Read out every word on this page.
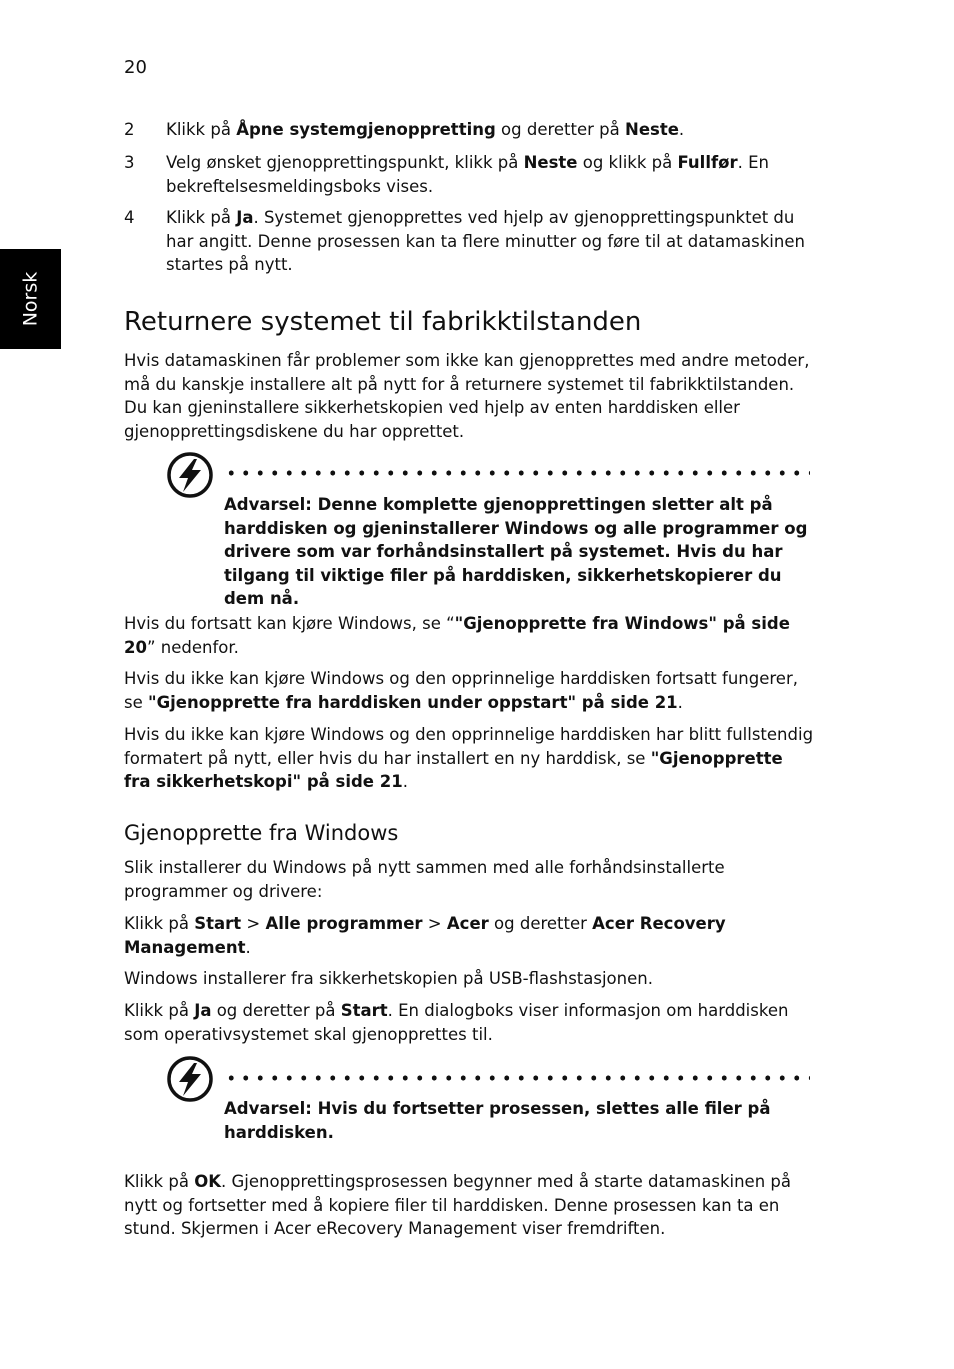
20
Norsk
2 Klikk på Åpne systemgjenoppretting og deretter på Neste.
3 Velg ønsket gjenopprettingspunkt, klikk på Neste og klikk på Fullfør. En bekreftelsesmeldingsboks vises.
4 Klikk på Ja. Systemet gjenopprettes ved hjelp av gjenopprettingspunktet du har angitt. Denne prosessen kan ta flere minutter og føre til at datamaskinen startes på nytt.
Returnere systemet til fabrikktilstanden
Hvis datamaskinen får problemer som ikke kan gjenopprettes med andre metoder, må du kanskje installere alt på nytt for å returnere systemet til fabrikktilstanden. Du kan gjeninstallere sikkerhetskopien ved hjelp av enten harddisken eller gjenopprettingsdiskene du har opprettet.
Advarsel: Denne komplette gjenopprettingen sletter alt på harddisken og gjeninstallerer Windows og alle programmer og drivere som var forhåndsinstallert på systemet. Hvis du har tilgang til viktige filer på harddisken, sikkerhetskopierer du dem nå.
Hvis du fortsatt kan kjøre Windows, se “"Gjenopprette fra Windows" på side 20” nedenfor.
Hvis du ikke kan kjøre Windows og den opprinnelige harddisken fortsatt fungerer, se "Gjenopprette fra harddisken under oppstart" på side 21.
Hvis du ikke kan kjøre Windows og den opprinnelige harddisken har blitt fullstendig formatert på nytt, eller hvis du har installert en ny harddisk, se "Gjenopprette fra sikkerhetskopi" på side 21.
Gjenopprette fra Windows
Slik installerer du Windows på nytt sammen med alle forhåndsinstallerte programmer og drivere:
Klikk på Start > Alle programmer > Acer og deretter Acer Recovery Management.
Windows installerer fra sikkerhetskopien på USB-flashstasjonen.
Klikk på Ja og deretter på Start. En dialogboks viser informasjon om harddisken som operativsystemet skal gjenopprettes til.
Advarsel: Hvis du fortsetter prosessen, slettes alle filer på harddisken.
Klikk på OK. Gjenopprettingsprosessen begynner med å starte datamaskinen på nytt og fortsetter med å kopiere filer til harddisken. Denne prosessen kan ta en stund. Skjermen i Acer eRecovery Management viser fremdriften.
